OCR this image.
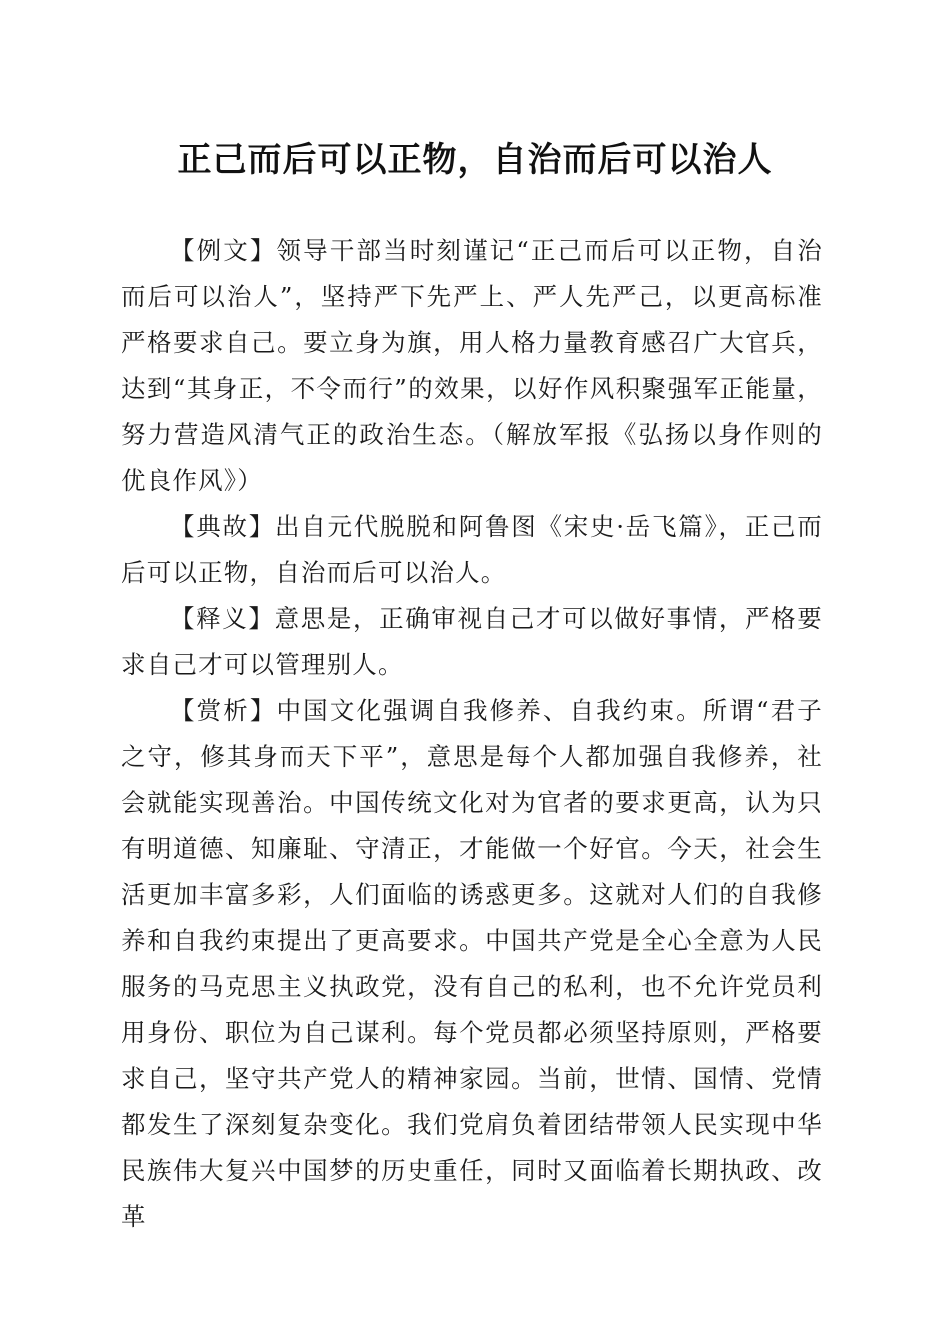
正己而后可以正物，自治而后可以治人

【例文】领导干部当时刻谨记“正己而后可以正物，自治而后可以治人”，坚持严下先严上、严人先严己，以更高标准严格要求自己。要立身为旗，用人格力量教育感召广大官兵，达到“其身正，不令而行”的效果，以好作风积聚强军正能量，努力营造风清气正的政治生态。（解放军报《弘扬以身作则的优良作风》）

【典故】出自元代脱脱和阿鲁图《宋史·岳飞篇》，正己而后可以正物，自治而后可以治人。

【释义】意思是，正确审视自己才可以做好事情，严格要求自己才可以管理别人。

【赏析】中国文化强调自我修养、自我约束。所谓“君子之守，修其身而天下平”，意思是每个人都加强自我修养，社会就能实现善治。中国传统文化对为官者的要求更高，认为只有明道德、知廉耻、守清正，才能做一个好官。今天，社会生活更加丰富多彩，人们面临的诱惑更多。这就对人们的自我修养和自我约束提出了更高要求。中国共产党是全心全意为人民服务的马克思主义执政党，没有自己的私利，也不允许党员利用身份、职位为自己谋利。每个党员都必须坚持原则，严格要求自己，坚守共产党人的精神家园。当前，世情、国情、党情都发生了深刻复杂变化。我们党肩负着团结带领人民实现中华民族伟大复兴中国梦的历史重任，同时又面临着长期执政、改革
